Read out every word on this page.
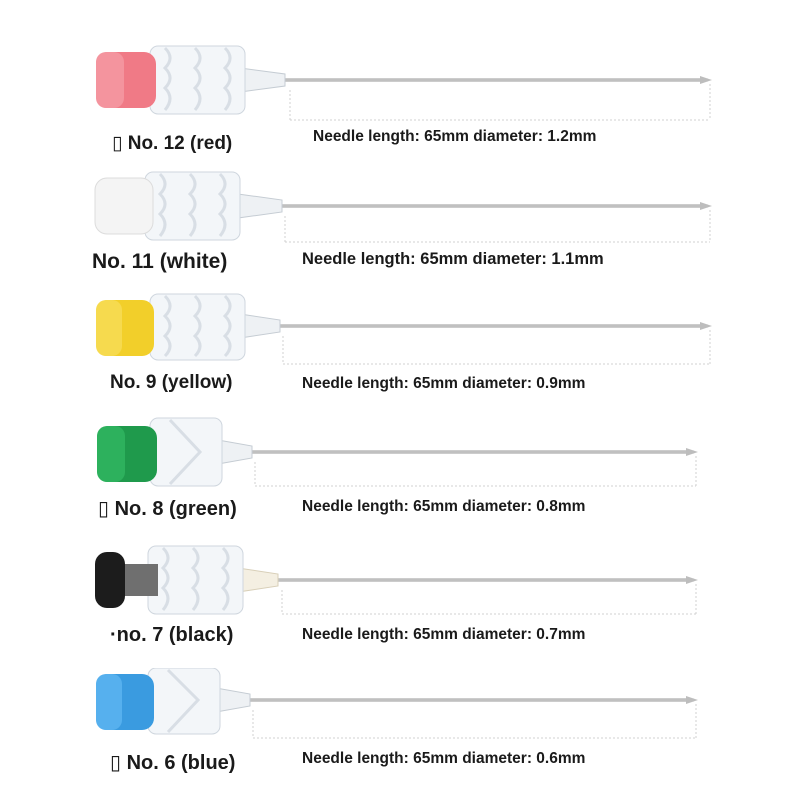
▯ No. 12 (red)	Needle length: 65mm diameter: 1.2mm
No. 11 (white)	Needle length: 65mm diameter: 1.1mm
No. 9 (yellow)	Needle length: 65mm diameter: 0.9mm
▯ No. 8 (green)	Needle length: 65mm diameter: 0.8mm
·no. 7 (black)	Needle length: 65mm diameter: 0.7mm
▯ No. 6 (blue)	Needle length: 65mm diameter: 0.6mm
